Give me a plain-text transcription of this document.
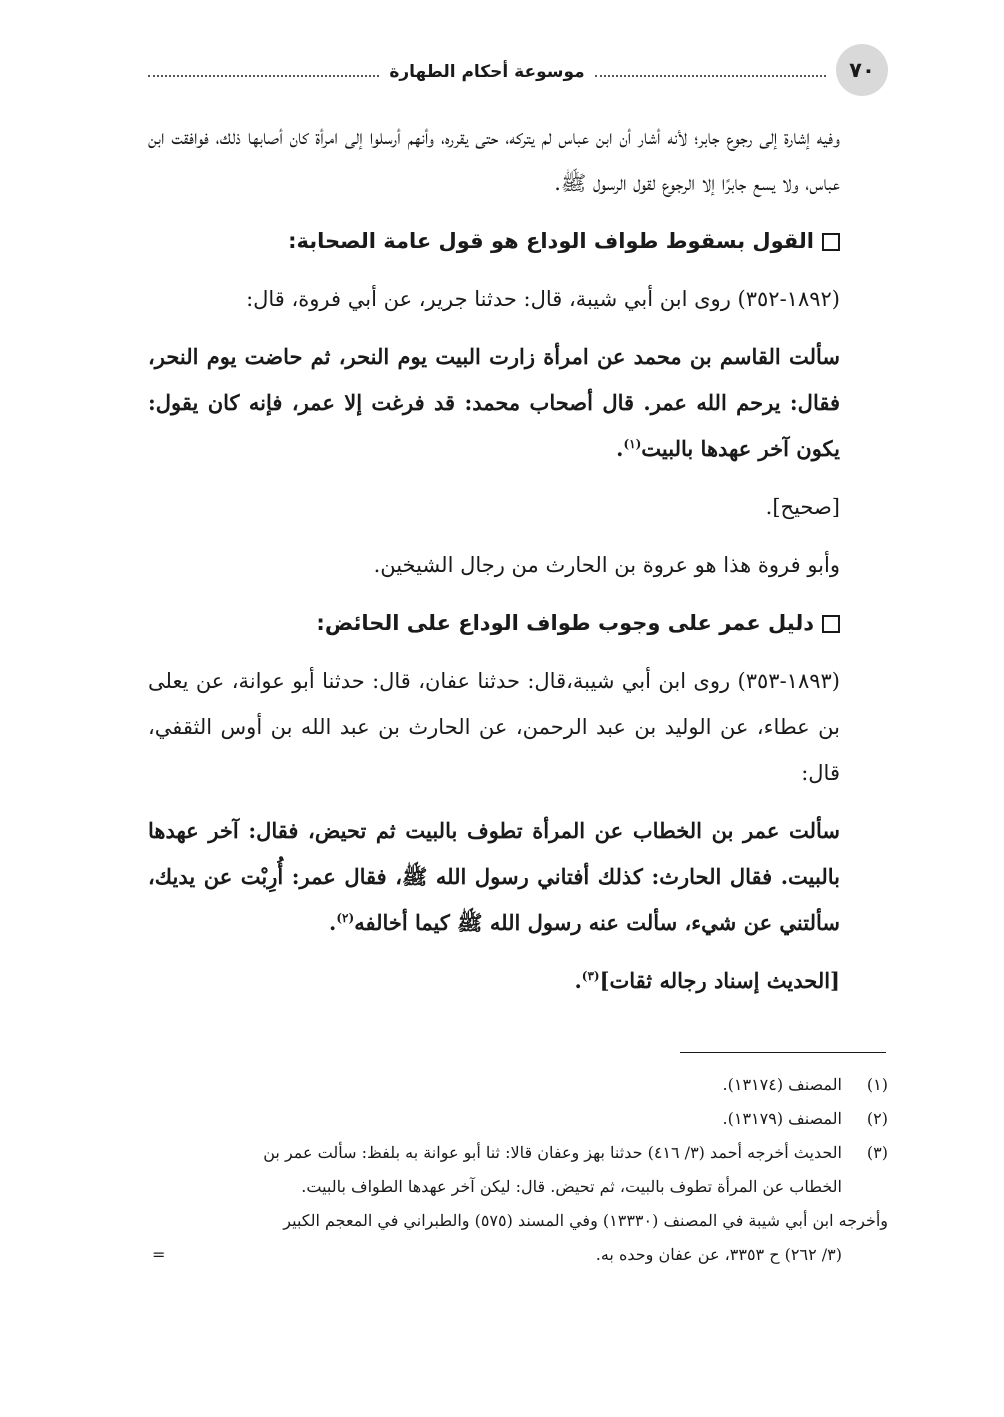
٧٠
موسوعة أحكام الطهارة

وفيه إشارة إلى رجوع جابر؛ لأنه أشار أن ابن عباس لم يتركه، حتى يقرره، وأنهم أرسلوا إلى امرأة كان أصابها ذلك، فوافقت ابن عباس، ولا يسع جابرًا إلا الرجوع لقول الرسول ﷺ.

القول بسقوط طواف الوداع هو قول عامة الصحابة:

(١٨٩٢-٣٥٢) روى ابن أبي شيبة، قال: حدثنا جرير، عن أبي فروة، قال:

سألت القاسم بن محمد عن امرأة زارت البيت يوم النحر، ثم حاضت يوم النحر، فقال: يرحم الله عمر. قال أصحاب محمد: قد فرغت إلا عمر، فإنه كان يقول: يكون آخر عهدها بالبيت$^{(١)}$.

[صحيح].

وأبو فروة هذا هو عروة بن الحارث من رجال الشيخين.

دليل عمر على وجوب طواف الوداع على الحائض:

(١٨٩٣-٣٥٣) روى ابن أبي شيبة،قال: حدثنا عفان، قال: حدثنا أبو عوانة، عن يعلى بن عطاء، عن الوليد بن عبد الرحمن، عن الحارث بن عبد الله بن أوس الثقفي، قال:

سألت عمر بن الخطاب عن المرأة تطوف بالبيت ثم تحيض، فقال: آخر عهدها بالبيت. فقال الحارث: كذلك أفتاني رسول الله ﷺ، فقال عمر: أُرِبْت عن يديك، سألتني عن شيء، سألت عنه رسول الله ﷺ كيما أخالفه$^{(٢)}$.

[الحديث إسناد رجاله ثقات]$^{(٣)}$.

(١)المصنف (١٣١٧٤).

(٢)المصنف (١٣١٧٩).

(٣)الحديث أخرجه أحمد (٣/ ٤١٦) حدثنا بهز وعفان قالا: ثنا أبو عوانة به بلفظ: سألت عمر بن

الخطاب عن المرأة تطوف بالبيت، ثم تحيض. قال: ليكن آخر عهدها الطواف بالبيت.

وأخرجه ابن أبي شيبة في المصنف (١٣٣٣٠) وفي المسند (٥٧٥) والطبراني في المعجم الكبير

(٣/ ٢٦٢) ح ٣٣٥٣، عن عفان وحده به.
=
